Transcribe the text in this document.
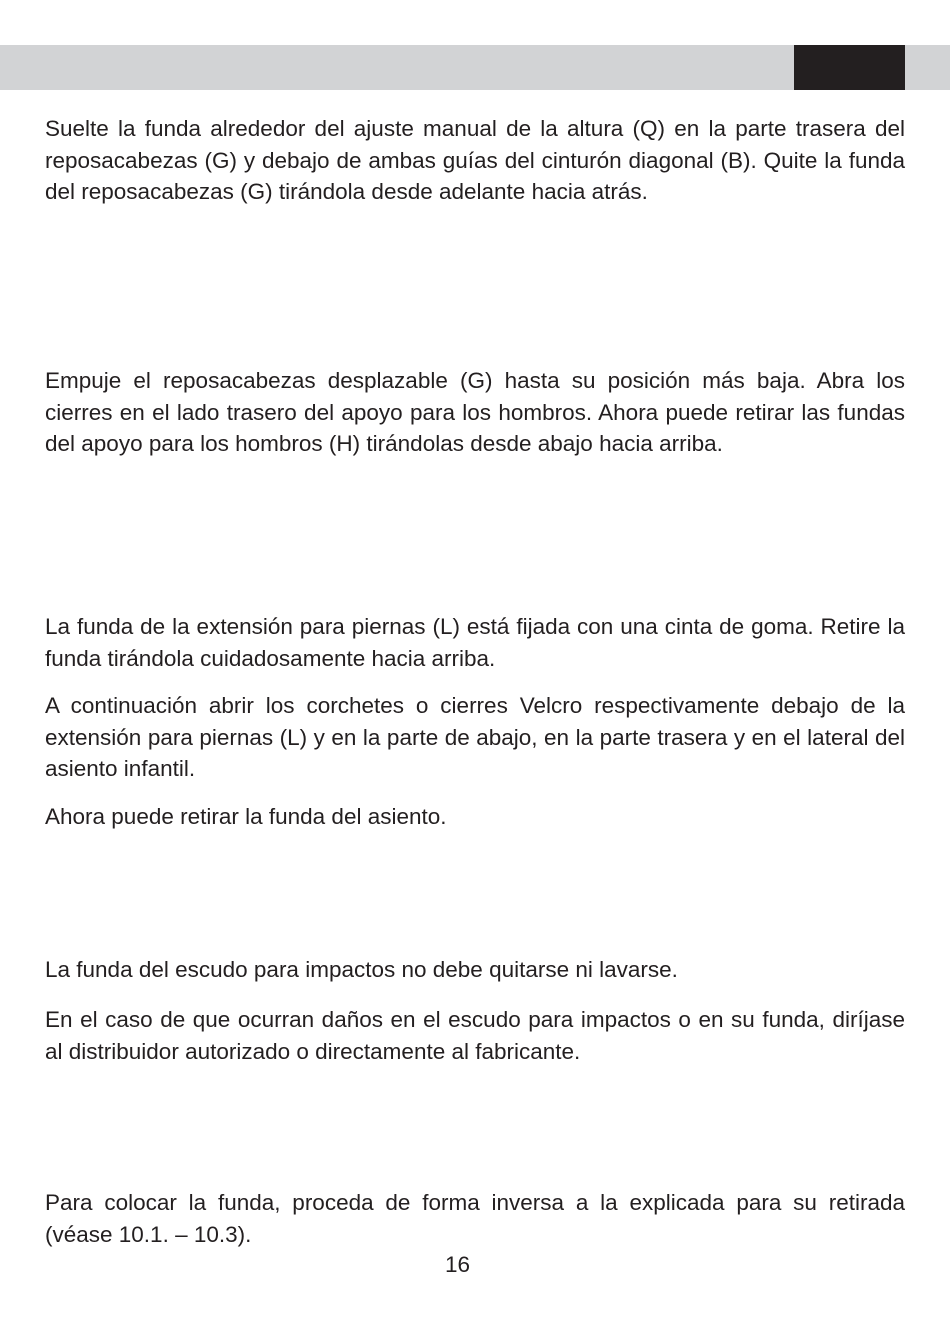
Suelte la funda alrededor del ajuste manual de la altura (Q) en la parte trasera del reposacabezas (G) y debajo de ambas guías del cinturón diagonal (B). Quite la funda del reposacabezas (G) tirándola desde adelante hacia atrás.

Empuje el reposacabezas desplazable (G) hasta su posición más baja. Abra los cierres en el lado trasero del apoyo para los hombros. Ahora puede retirar las fundas del apoyo para los hombros (H) tirándolas desde abajo hacia arriba.

La funda de la extensión para piernas (L) está fijada con una cinta de goma. Retire la funda tirándola cuidadosamente hacia arriba.

A continuación abrir los corchetes o cierres Velcro respectivamente debajo de la extensión para piernas (L) y en la parte de abajo, en la parte trasera y en el lateral del asiento infantil.

Ahora puede retirar la funda del asiento.

La funda del escudo para impactos no debe quitarse ni lavarse.

En el caso de que ocurran daños en el escudo para impactos o en su funda, diríjase al distribuidor autorizado o directamente al fabricante.

Para colocar la funda, proceda de forma inversa a la explicada para su retirada (véase 10.1. – 10.3).

16
